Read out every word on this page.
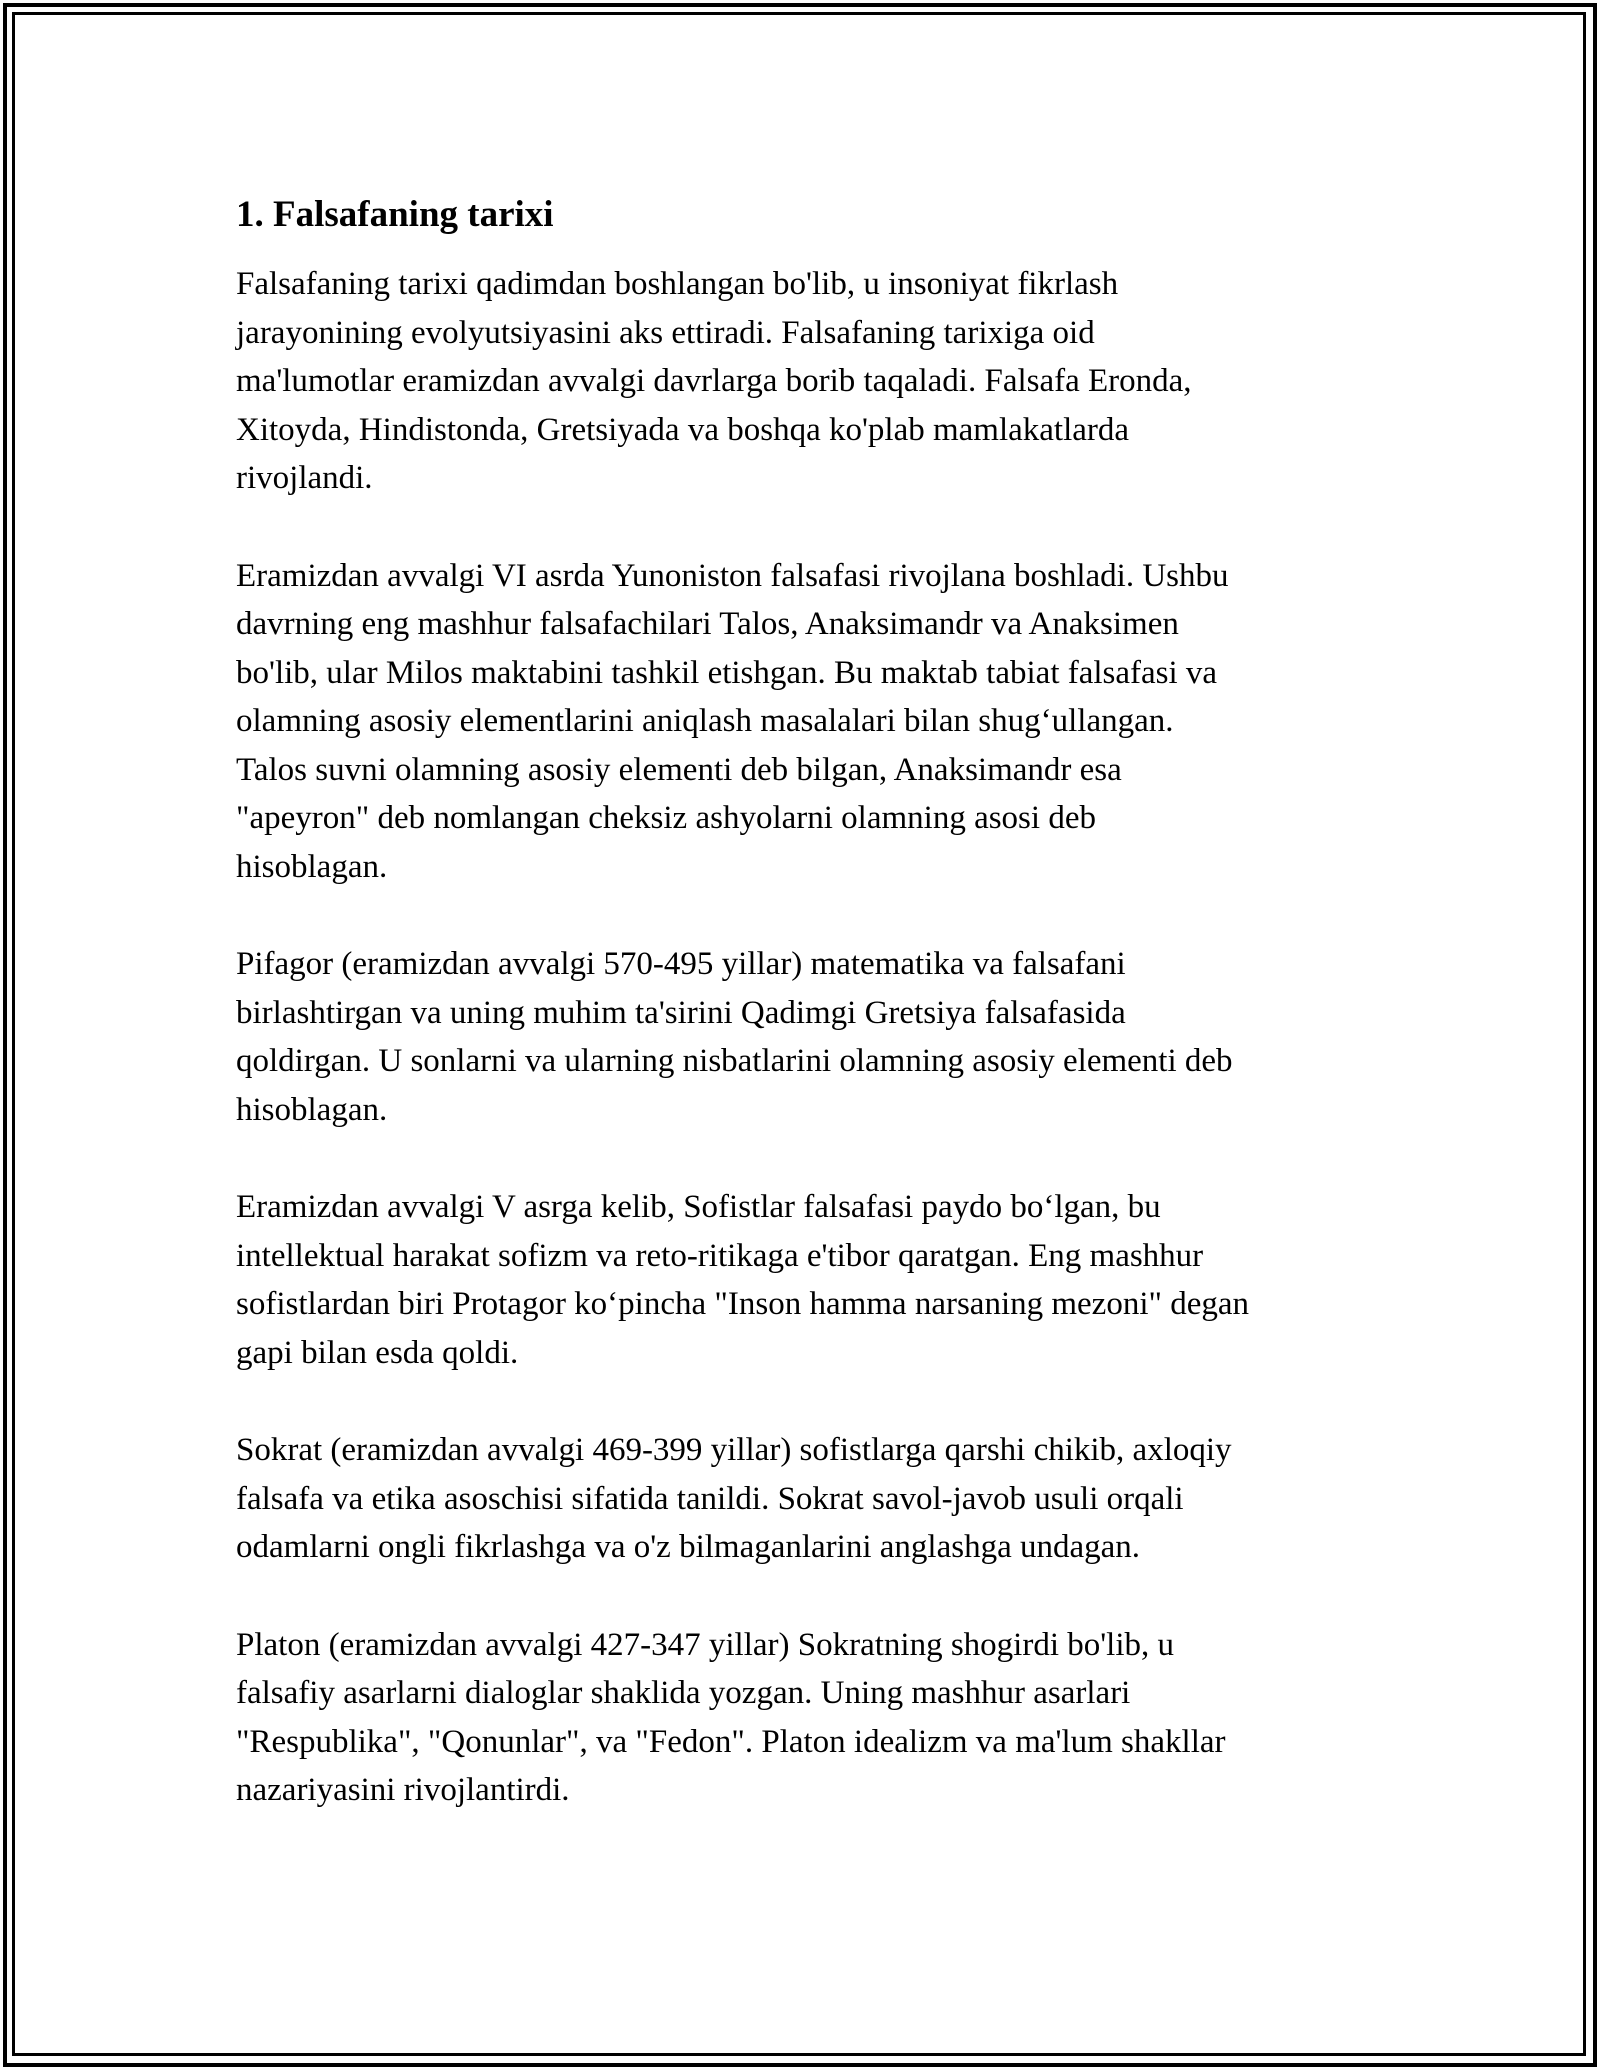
1. Falsafaning tarixi

Falsafaning tarixi qadimdan boshlangan bo'lib, u insoniyat fikrlash
jarayonining evolyutsiyasini aks ettiradi. Falsafaning tarixiga oid
ma'lumotlar eramizdan avvalgi davrlarga borib taqaladi. Falsafa Eronda,
Xitoyda, Hindistonda, Gretsiyada va boshqa ko'plab mamlakatlarda
rivojlandi.

Eramizdan avvalgi VI asrda Yunoniston falsafasi rivojlana boshladi. Ushbu
davrning eng mashhur falsafachilari Talos, Anaksimandr va Anaksimen
bo'lib, ular Milos maktabini tashkil etishgan. Bu maktab tabiat falsafasi va
olamning asosiy elementlarini aniqlash masalalari bilan shug‘ullangan.
Talos suvni olamning asosiy elementi deb bilgan, Anaksimandr esa
"apeyron" deb nomlangan cheksiz ashyolarni olamning asosi deb
hisoblagan.

Pifagor (eramizdan avvalgi 570-495 yillar) matematika va falsafani
birlashtirgan va uning muhim ta'sirini Qadimgi Gretsiya falsafasida
qoldirgan. U sonlarni va ularning nisbatlarini olamning asosiy elementi deb
hisoblagan.

Eramizdan avvalgi V asrga kelib, Sofistlar falsafasi paydo bo‘lgan, bu
intellektual harakat sofizm va reto-ritikaga e'tibor qaratgan. Eng mashhur
sofistlardan biri Protagor ko‘pincha "Inson hamma narsaning mezoni" degan
gapi bilan esda qoldi.

Sokrat (eramizdan avvalgi 469-399 yillar) sofistlarga qarshi chikib, axloqiy
falsafa va etika asoschisi sifatida tanildi. Sokrat savol-javob usuli orqali
odamlarni ongli fikrlashga va o'z bilmaganlarini anglashga undagan.

Platon (eramizdan avvalgi 427-347 yillar) Sokratning shogirdi bo'lib, u
falsafiy asarlarni dialoglar shaklida yozgan. Uning mashhur asarlari
"Respublika", "Qonunlar", va "Fedon". Platon idealizm va ma'lum shakllar
nazariyasini rivojlantirdi.
